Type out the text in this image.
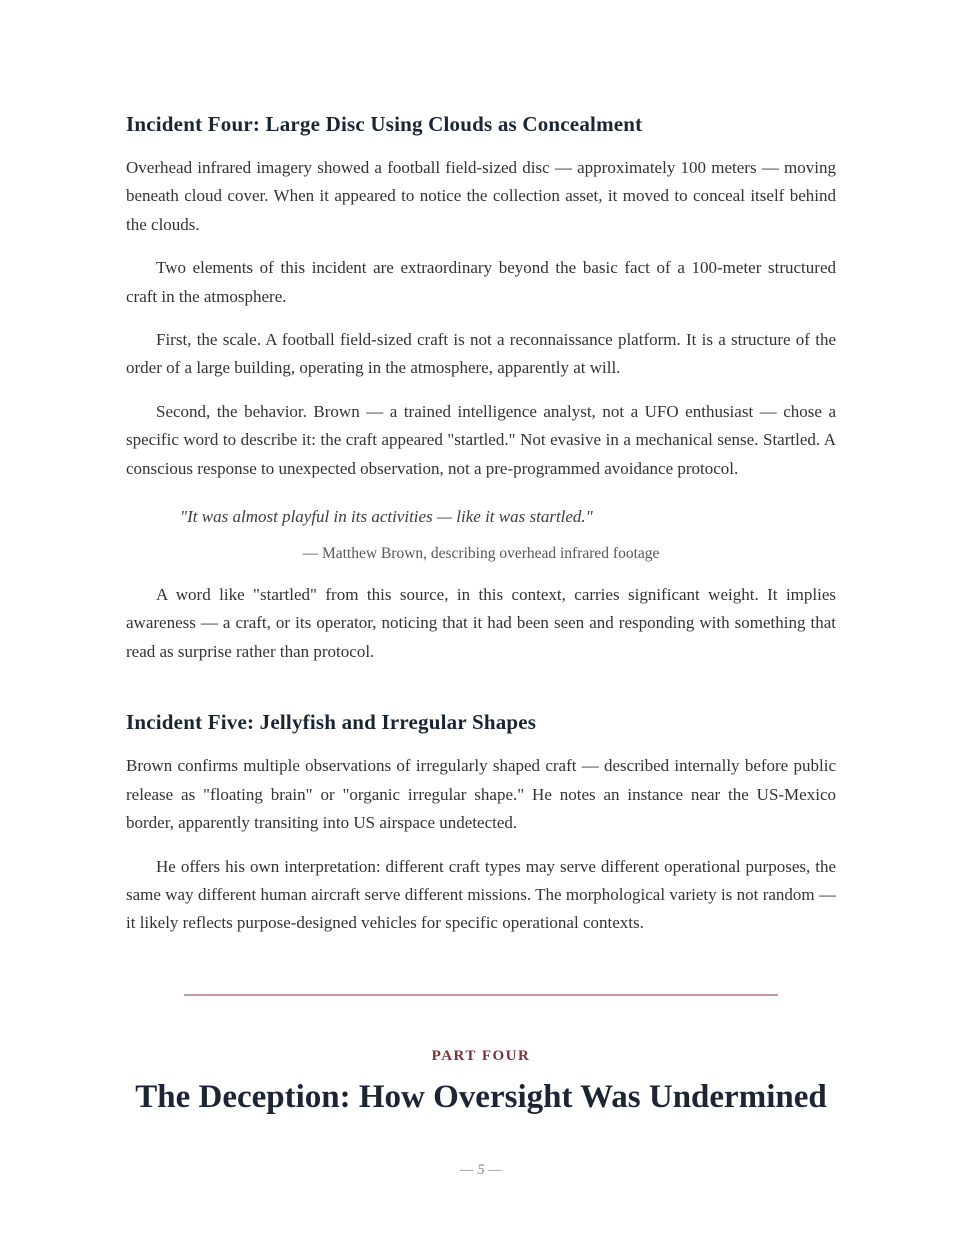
Incident Four: Large Disc Using Clouds as Concealment

Overhead infrared imagery showed a football field-sized disc — approximately 100 meters — moving beneath cloud cover. When it appeared to notice the collection asset, it moved to conceal itself behind the clouds.

Two elements of this incident are extraordinary beyond the basic fact of a 100-meter structured craft in the atmosphere.

First, the scale. A football field-sized craft is not a reconnaissance platform. It is a structure of the order of a large building, operating in the atmosphere, apparently at will.

Second, the behavior. Brown — a trained intelligence analyst, not a UFO enthusiast — chose a specific word to describe it: the craft appeared "startled." Not evasive in a mechanical sense. Startled. A conscious response to unexpected observation, not a pre-programmed avoidance protocol.

"It was almost playful in its activities — like it was startled."

— Matthew Brown, describing overhead infrared footage

A word like "startled" from this source, in this context, carries significant weight. It implies awareness — a craft, or its operator, noticing that it had been seen and responding with something that read as surprise rather than protocol.

Incident Five: Jellyfish and Irregular Shapes

Brown confirms multiple observations of irregularly shaped craft — described internally before public release as "floating brain" or "organic irregular shape." He notes an instance near the US-Mexico border, apparently transiting into US airspace undetected.

He offers his own interpretation: different craft types may serve different operational purposes, the same way different human aircraft serve different missions. The morphological variety is not random — it likely reflects purpose-designed vehicles for specific operational contexts.

PART FOUR

The Deception: How Oversight Was Undermined

— 5 —
